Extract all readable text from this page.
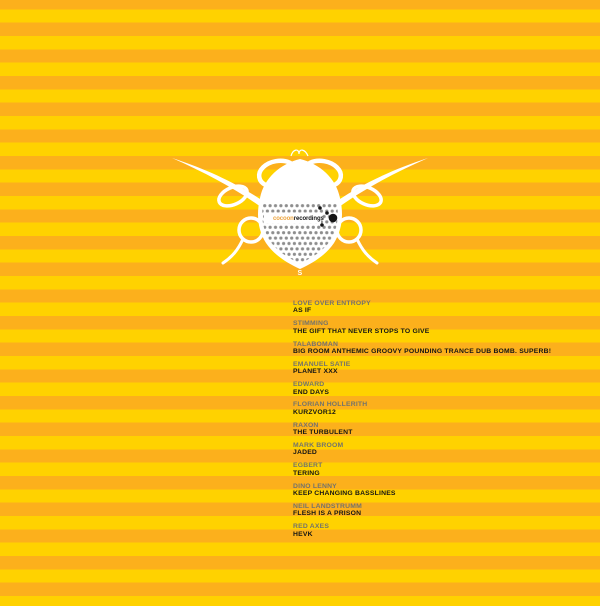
cocoon recordings
S
LOVE OVER ENTROPY
AS IF
STIMMING
THE GIFT THAT NEVER STOPS TO GIVE
TALABOMAN
BIG ROOM ANTHEMIC GROOVY POUNDING TRANCE DUB BOMB. SUPERB!
EMANUEL SATIE
PLANET XXX
EDWARD
END DAYS
FLORIAN HOLLERITH
KURZVOR12
RAXON
THE TURBULENT
MARK BROOM
JADED
EGBERT
TERING
DINO LENNY
KEEP CHANGING BASSLINES
NEIL LANDSTRUMM
FLESH IS A PRISON
RED AXES
HEVK
